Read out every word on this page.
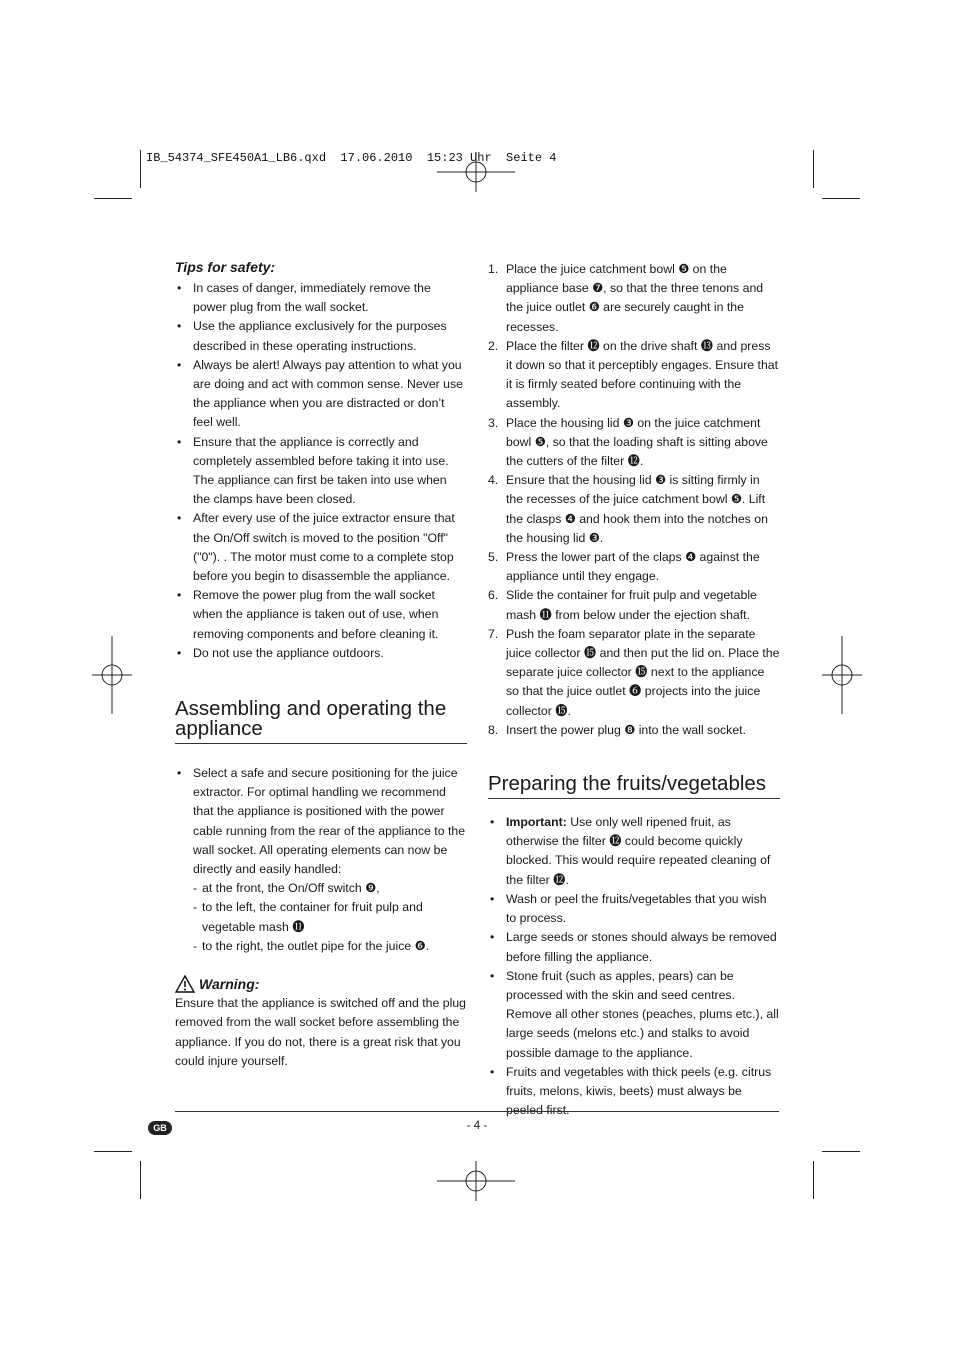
IB_54374_SFE450A1_LB6.qxd  17.06.2010  15:23 Uhr  Seite 4
Tips for safety:
• In cases of danger, immediately remove the power plug from the wall socket.
• Use the appliance exclusively for the purposes described in these operating instructions.
• Always be alert! Always pay attention to what you are doing and act with common sense. Never use the appliance when you are distracted or don’t feel well.
• Ensure that the appliance is correctly and completely assembled before taking it into use. The appliance can first be taken into use when the clamps have been closed.
• After every use of the juice extractor ensure that the On/Off switch is moved to the position "Off" ("0"). . The motor must come to a complete stop before you begin to disassemble the appliance.
• Remove the power plug from the wall socket when the appliance is taken out of use, when removing components and before cleaning it.
• Do not use the appliance outdoors.
Assembling and operating the appliance
• Select a safe and secure positioning for the juice extractor. For optimal handling we recommend that the appliance is positioned with the power cable running from the rear of the appliance to the wall socket. All operating elements can now be directly and easily handled:
- at the front, the On/Off switch ❾,
- to the left, the container for fruit pulp and vegetable mash ⓫
- to the right, the outlet pipe for the juice ❻.
Warning:
Ensure that the appliance is switched off and the plug removed from the wall socket before assembling the appliance. If you do not, there is a great risk that you could injure yourself.
1. Place the juice catchment bowl ❺ on the appliance base ❼, so that the three tenons and the juice outlet ❻ are securely caught in the recesses.
2. Place the filter ⓬ on the drive shaft ⓭ and press it down so that it perceptibly engages. Ensure that it is firmly seated before continuing with the assembly.
3. Place the housing lid ❸ on the juice catchment bowl ❺, so that the loading shaft is sitting above the cutters of the filter ⓬.
4. Ensure that the housing lid ❸ is sitting firmly in the recesses of the juice catchment bowl ❺. Lift the clasps ❹ and hook them into the notches on the housing lid ❸.
5. Press the lower part of the claps ❹ against the appliance until they engage.
6. Slide the container for fruit pulp and vegetable mash ⓫ from below under the ejection shaft.
7. Push the foam separator plate in the separate juice collector ⓯ and then put the lid on. Place the separate juice collector ⓯ next to the appliance so that the juice outlet ❻ projects into the juice collector ⓯.
8. Insert the power plug ❽ into the wall socket.
Preparing the fruits/vegetables
• Important: Use only well ripened fruit, as otherwise the filter ⓬ could become quickly blocked. This would require repeated cleaning of the filter ⓬.
• Wash or peel the fruits/vegetables that you wish to process.
• Large seeds or stones should always be removed before filling the appliance.
• Stone fruit (such as apples, pears) can be processed with the skin and seed centres. Remove all other stones (peaches, plums etc.), all large seeds (melons etc.) and stalks to avoid possible damage to the appliance.
• Fruits and vegetables with thick peels (e.g. citrus fruits, melons, kiwis, beets) must always be
GB	- 4 -
